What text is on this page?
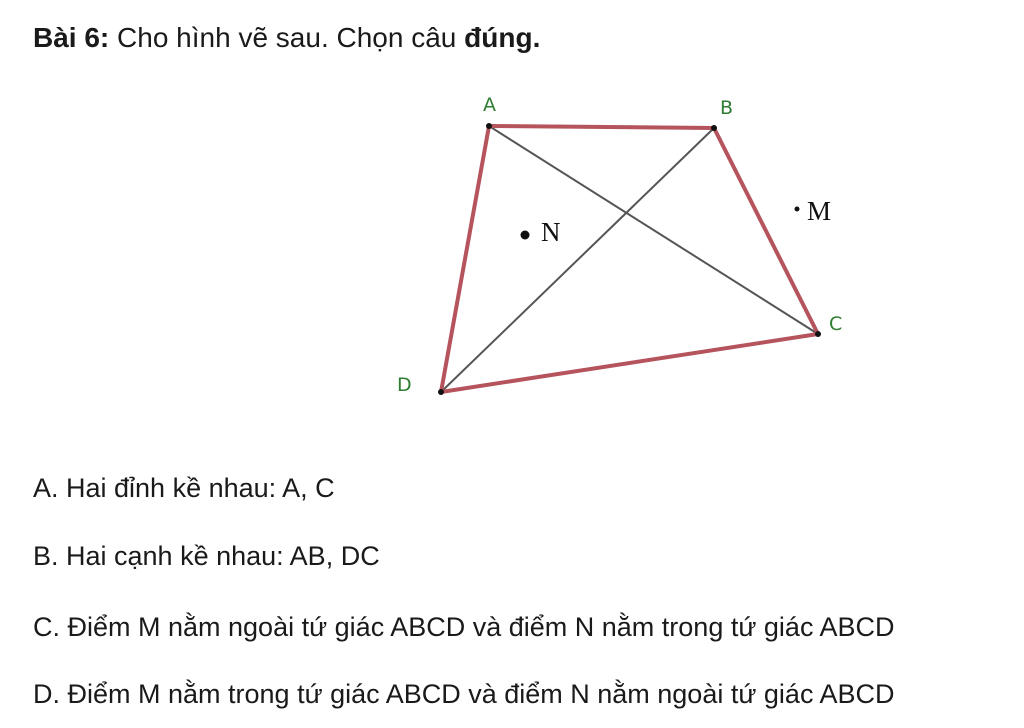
Bài 6: Cho hình vẽ sau. Chọn câu đúng.
A	B
C
D
M
N
A. Hai đỉnh kề nhau: A, C
B. Hai cạnh kề nhau: AB, DC
C. Điểm M nằm ngoài tứ giác ABCD và điểm N nằm trong tứ giác ABCD
D. Điểm M nằm trong tứ giác ABCD và điểm N nằm ngoài tứ giác ABCD
